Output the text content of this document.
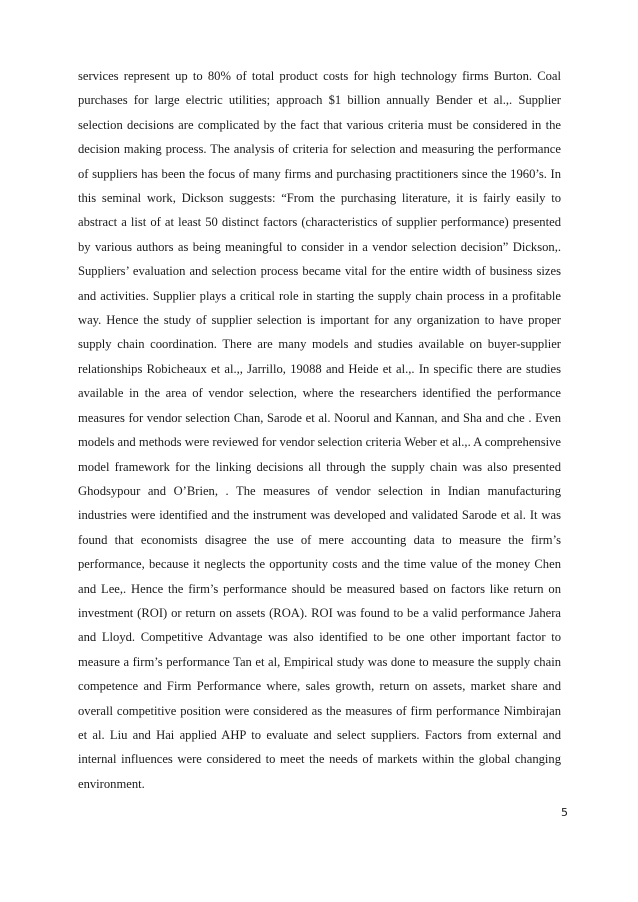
services represent up to 80% of total product costs for high technology firms Burton. Coal purchases for large electric utilities; approach $1 billion annually Bender et al.,. Supplier selection decisions are complicated by the fact that various criteria must be considered in the decision making process. The analysis of criteria for selection and measuring the performance of suppliers has been the focus of many firms and purchasing practitioners since the 1960’s. In this seminal work, Dickson suggests: “From the purchasing literature, it is fairly easily to abstract a list of at least 50 distinct factors (characteristics of supplier performance) presented by various authors as being meaningful to consider in a vendor selection decision” Dickson,. Suppliers’ evaluation and selection process became vital for the entire width of business sizes and activities. Supplier plays a critical role in starting the supply chain process in a profitable way. Hence the study of supplier selection is important for any organization to have proper supply chain coordination. There are many models and studies available on buyer-supplier relationships Robicheaux et al.,, Jarrillo, 19088 and Heide et al.,. In specific there are studies available in the area of vendor selection, where the researchers identified the performance measures for vendor selection Chan, Sarode et al. Noorul and Kannan, and Sha and che . Even models and methods were reviewed for vendor selection criteria Weber et al.,. A comprehensive model framework for the linking decisions all through the supply chain was also presented Ghodsypour and O’Brien, . The measures of vendor selection in Indian manufacturing industries were identified and the instrument was developed and validated Sarode et al. It was found that economists disagree the use of mere accounting data to measure the firm’s performance, because it neglects the opportunity costs and the time value of the money Chen and Lee,. Hence the firm’s performance should be measured based on factors like return on investment (ROI) or return on assets (ROA). ROI was found to be a valid performance Jahera and Lloyd. Competitive Advantage was also identified to be one other important factor to measure a firm’s performance Tan et al, Empirical study was done to measure the supply chain competence and Firm Performance where, sales growth, return on assets, market share and overall competitive position were considered as the measures of firm performance Nimbirajan et al. Liu and Hai applied AHP to evaluate and select suppliers. Factors from external and internal influences were considered to meet the needs of markets within the global changing environment.

5
